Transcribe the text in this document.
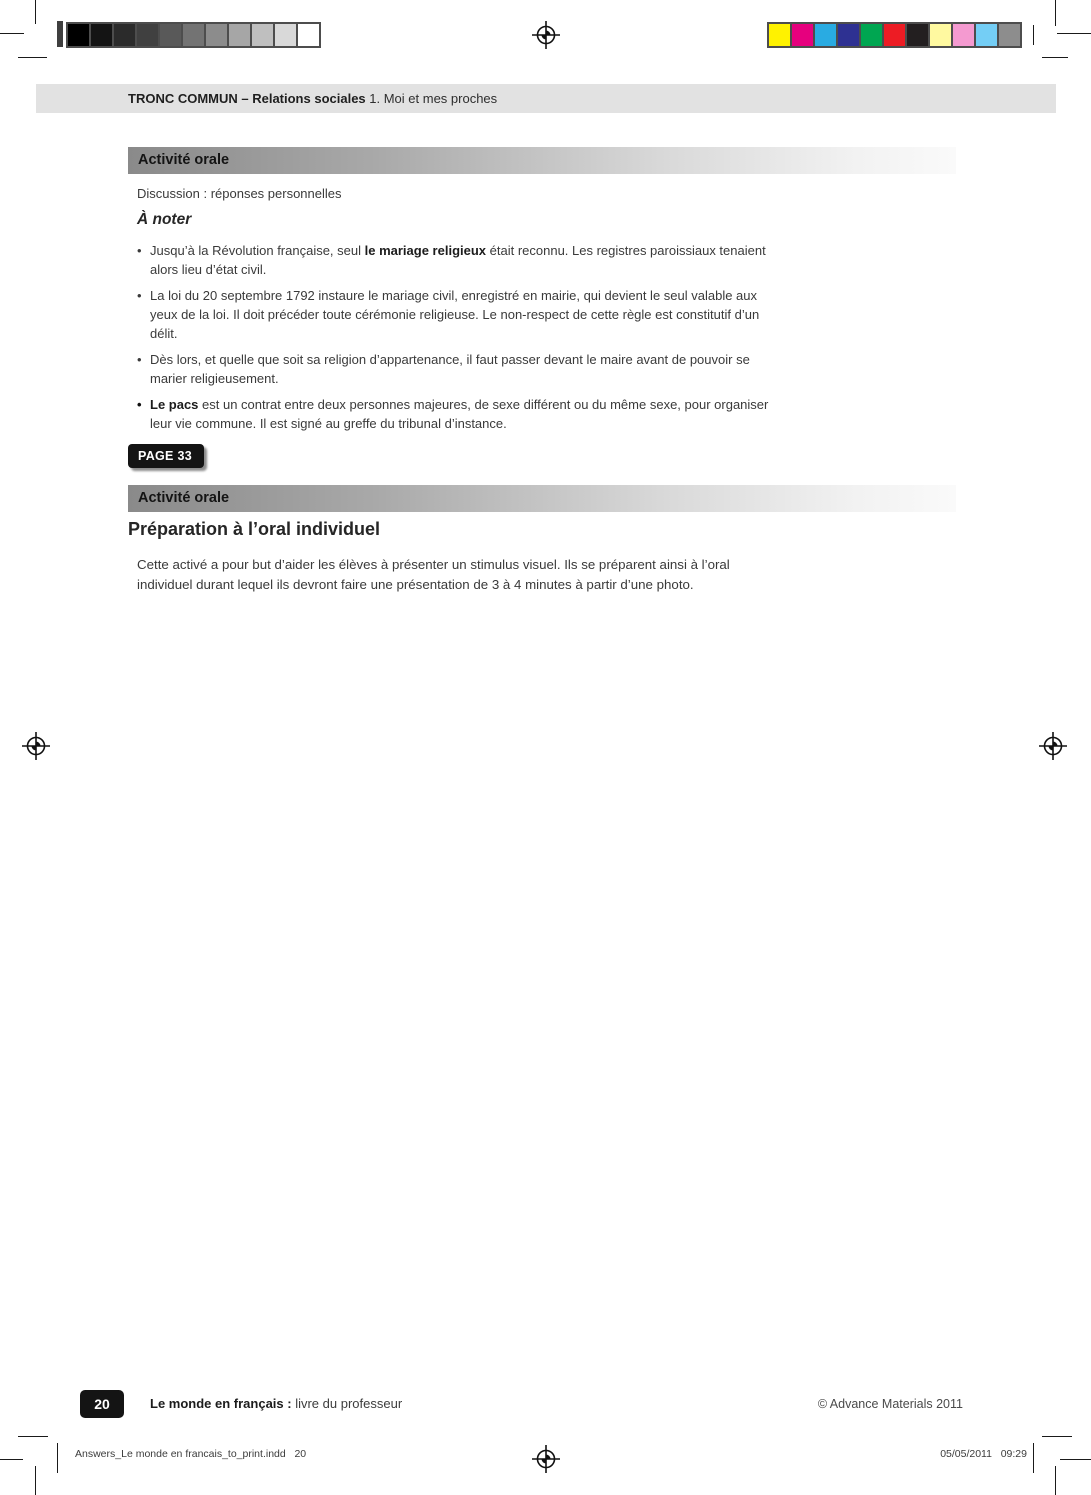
TRONC COMMUN – Relations sociales 1. Moi et mes proches
Activité orale
Discussion : réponses personnelles
À noter
• Jusqu’à la Révolution française, seul le mariage religieux était reconnu. Les registres paroissiaux tenaient alors lieu d’état civil.
• La loi du 20 septembre 1792 instaure le mariage civil, enregistré en mairie, qui devient le seul valable aux yeux de la loi. Il doit précéder toute cérémonie religieuse. Le non-respect de cette règle est constitutif d’un délit.
• Dès lors, et quelle que soit sa religion d’appartenance, il faut passer devant le maire avant de pouvoir se marier religieusement.
• Le pacs est un contrat entre deux personnes majeures, de sexe différent ou du même sexe, pour organiser leur vie commune. Il est signé au greffe du tribunal d’instance.
PAGE 33
Activité orale
Préparation à l’oral individuel
Cette activé a pour but d’aider les élèves à présenter un stimulus visuel. Ils se préparent ainsi à l’oral individuel durant lequel ils devront faire une présentation de 3 à 4 minutes à partir d’une photo.
20	Le monde en français : livre du professeur	© Advance Materials 2011
Answers_Le monde en francais_to_print.indd   20	05/05/2011   09:29
